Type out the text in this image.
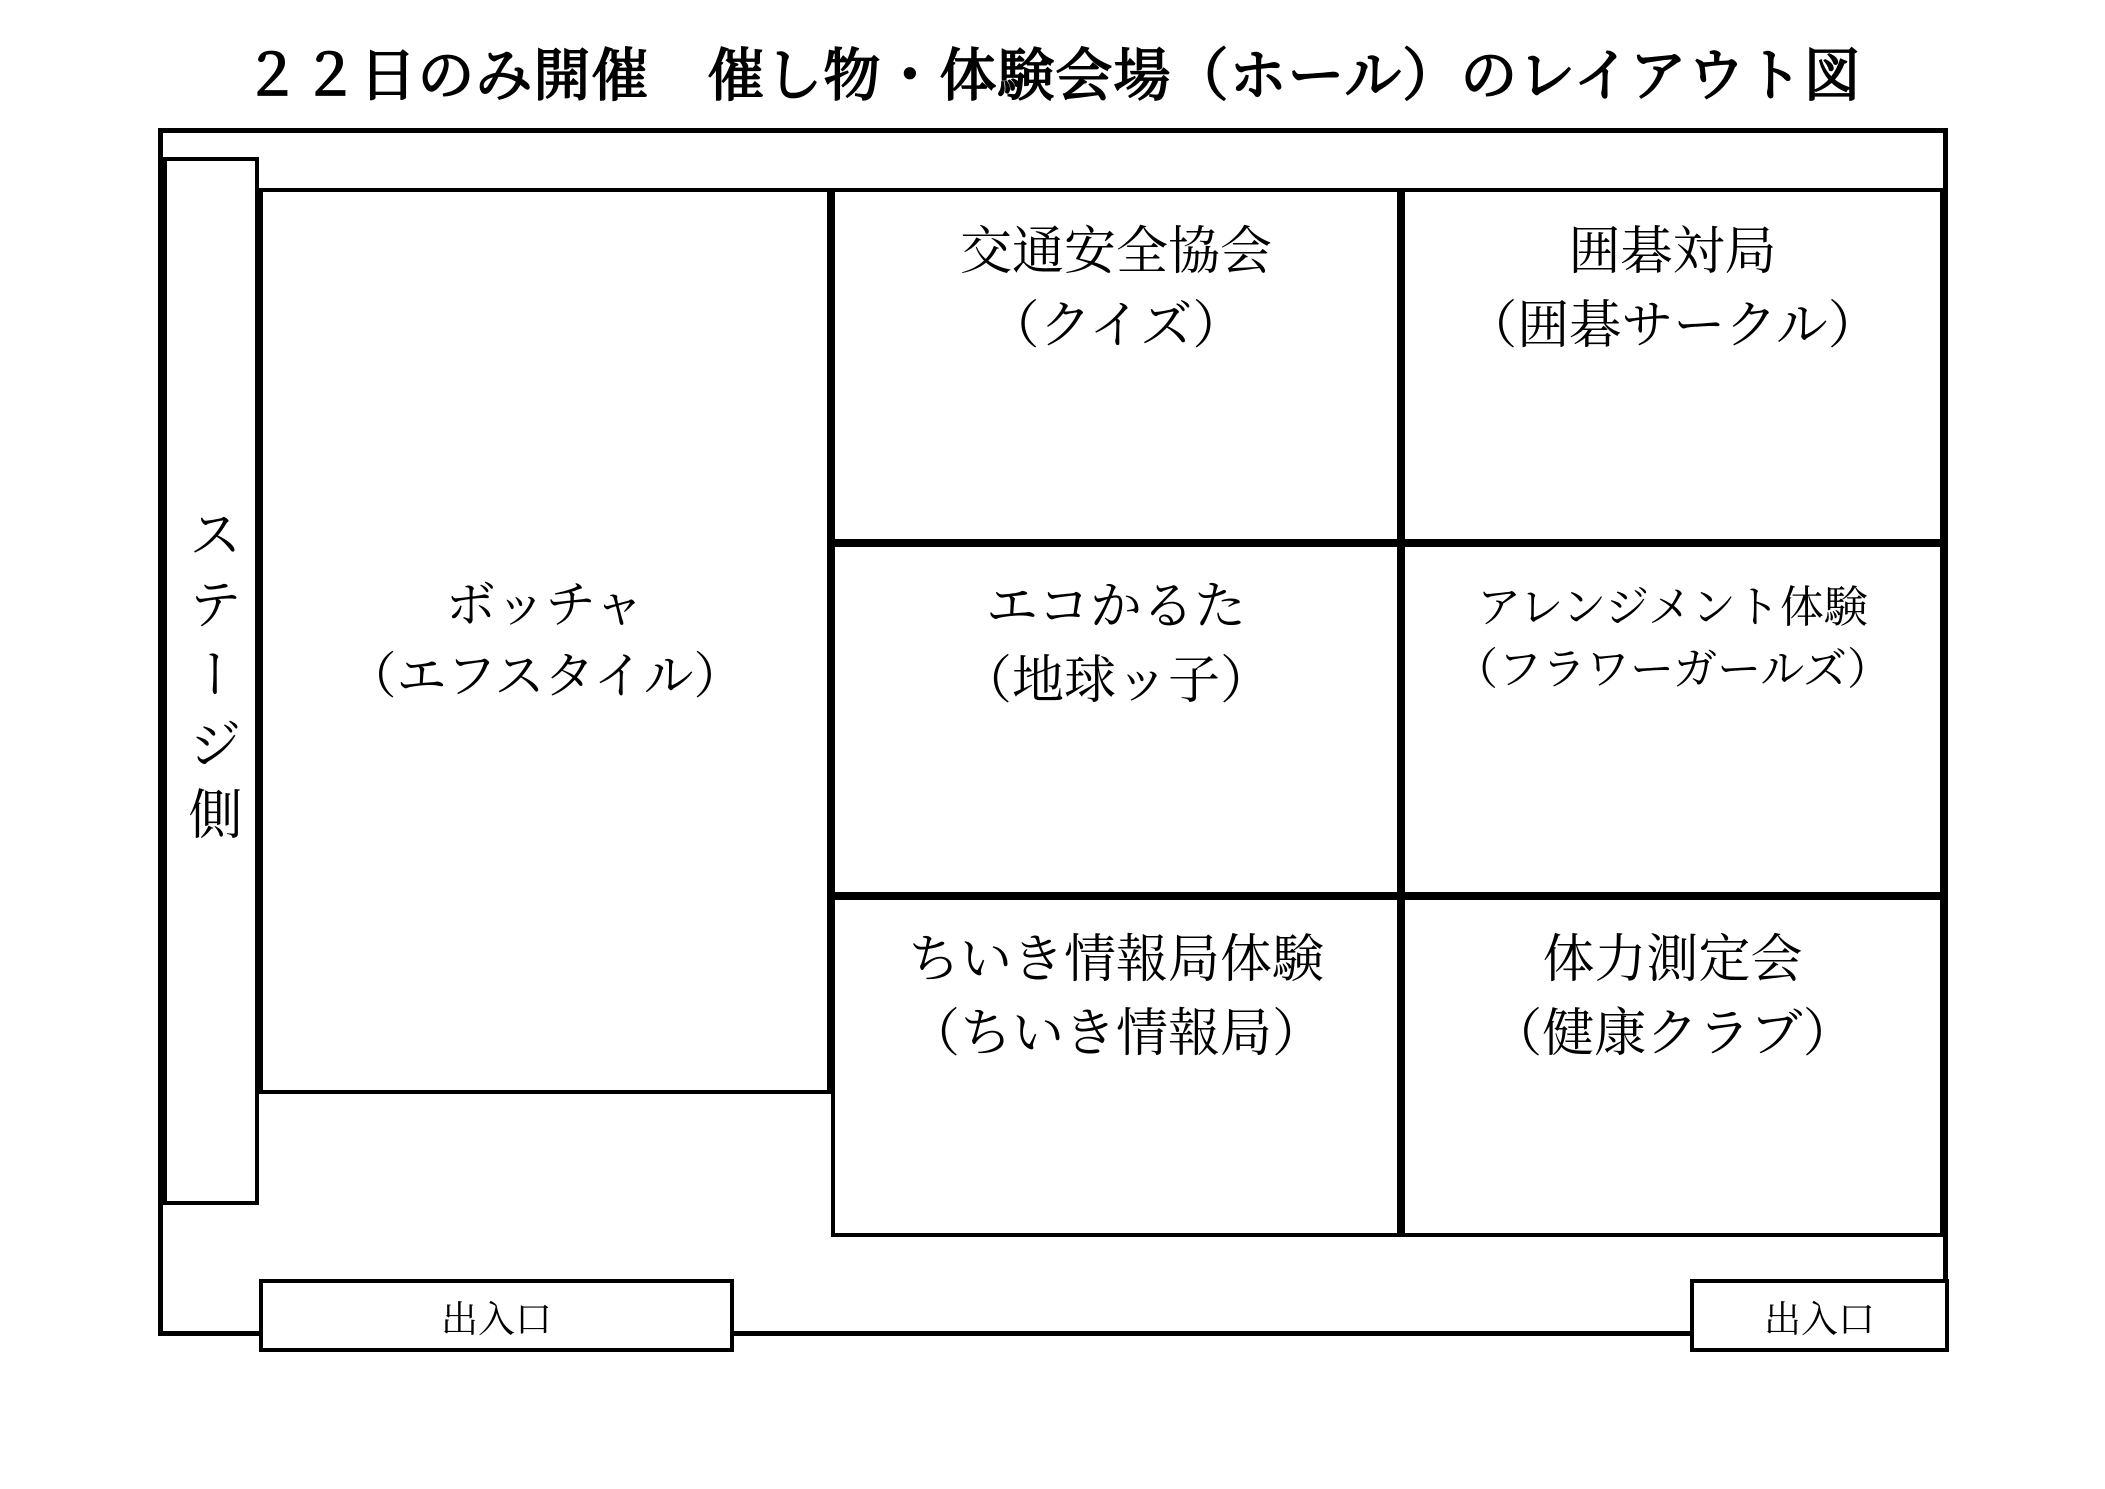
２２日のみ開催　催し物・体験会場（ホール）のレイアウト図
ステージ側	ボッチャ
（エフスタイル）
交通安全協会
（クイズ）
囲碁対局
（囲碁サークル）
エコかるた
（地球ッ子）
アレンジメント体験
（フラワーガールズ）
ちいき情報局体験
（ちいき情報局）
体力測定会
（健康クラブ）
出入口	出入口
